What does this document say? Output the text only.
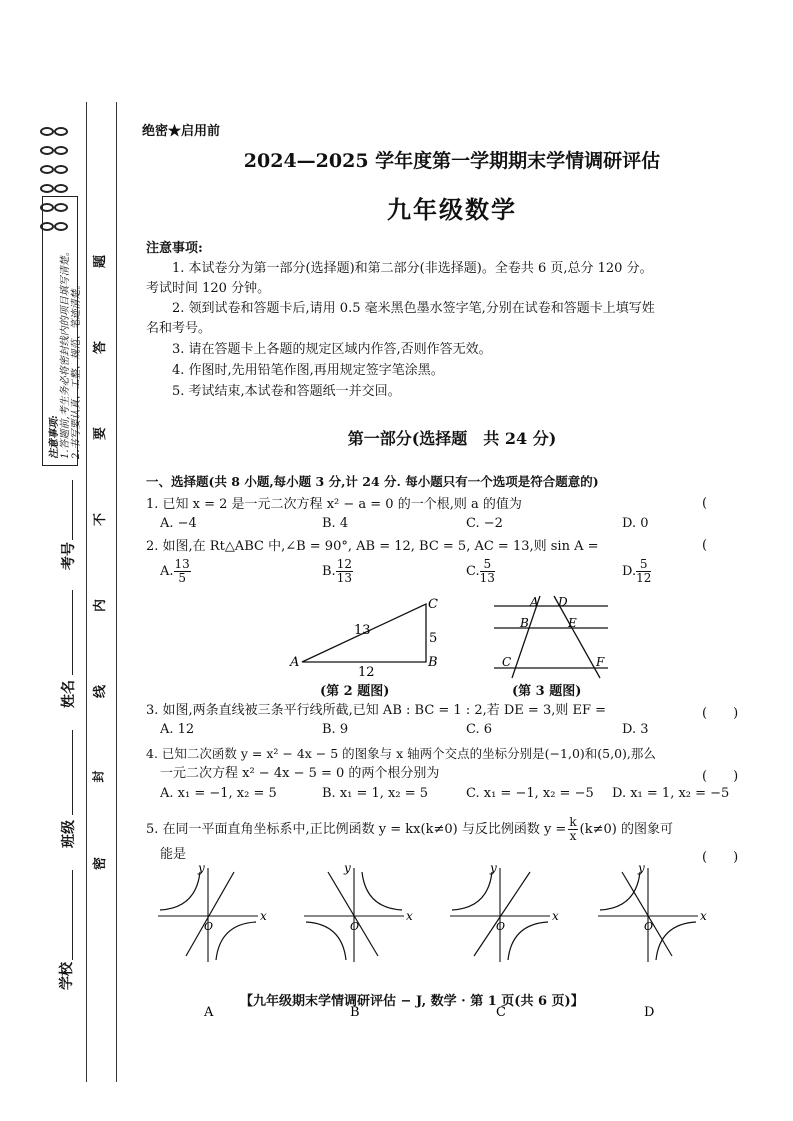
注意事项: 1.答题前,考生务必将密封线内的项目填写清楚。 2.书写要认真、工整、规范、笔迹清楚。
考号
姓名
班级
学校
题
答
要
不
内
线
封
密
绝密★启用前
2024—2025 学年度第一学期期末学情调研评估
九年级数学
注意事项:
1. 本试卷分为第一部分(选择题)和第二部分(非选择题)。全卷共 6 页,总分 120 分。
考试时间 120 分钟。
2. 领到试卷和答题卡后,请用 0.5 毫米黑色墨水签字笔,分别在试卷和答题卡上填写姓
名和考号。
3. 请在答题卡上各题的规定区域内作答,否则作答无效。
4. 作图时,先用铅笔作图,再用规定签字笔涂黑。
5. 考试结束,本试卷和答题纸一并交回。
第一部分(选择题　共 24 分)
一、选择题(共 8 小题,每小题 3 分,计 24 分. 每小题只有一个选项是符合题意的)
1. 已知 x = 2 是一元二次方程 x² − a = 0 的一个根,则 a 的值为	(
A. −4	B. 4	C. −2	D. 0
2. 如图,在 Rt△ABC 中,∠B = 90°, AB = 12, BC = 5, AC = 13,则 sin A =	(
A. $\frac{13}{5}$	B. $\frac{12}{13}$	C. $\frac{5}{13}$	D. $\frac{5}{12}$
A	B
C
13
5
12
(第 2 题图)
A D
B	E
C	F
(第 3 题图)
3. 如图,两条直线被三条平行线所截,已知 AB : BC = 1 : 2,若 DE = 3,则 EF =	(　　)
A. 12	B. 9	C. 6	D. 3
4. 已知二次函数 y = x² − 4x − 5 的图象与 x 轴两个交点的坐标分别是(−1,0)和(5,0),那么
一元二次方程 x² − 4x − 5 = 0 的两个根分别为	(　　)
A. x₁ = −1, x₂ = 5	B. x₁ = 1, x₂ = 5	C. x₁ = −1, x₂ = −5 D. x₁ = 1, x₂ = −5
5. 在同一平面直角坐标系中,正比例函数 y = kx(k≠0) 与反比例函数 $y = \frac{k}{x} (k\ne 0)$ 的图象可
能是	(　　)
x
y
O
A
x
y
O
B
x
y
O
C
x
y
O
D
【九年级期末学情调研评估 − J, 数学 · 第 1 页(共 6 页)】
